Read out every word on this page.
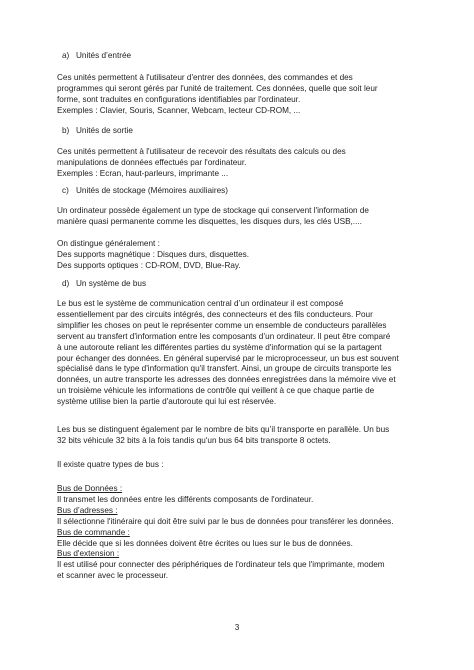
a) Unités d’entrée

Ces unités permettent à l'utilisateur d'entrer des données, des commandes et des

programmes qui seront gérés par l'unité de traitement. Ces données, quelle que soit leur

forme, sont traduites en configurations identifiables par l'ordinateur.

Exemples : Clavier, Souris, Scanner, Webcam, lecteur CD-ROM, ...

b) Unités de sortie

Ces unités permettent à l'utilisateur de recevoir des résultats des calculs ou des

manipulations de données effectués par l'ordinateur.

Exemples : Ecran, haut-parleurs, imprimante ...

c) Unités de stockage (Mémoires auxiliaires)

Un ordinateur possède également un type de stockage qui conservent l'information de

manière quasi permanente comme les disquettes, les disques durs, les clés USB,....

On distingue généralement :

Des supports magnétique : Disques durs, disquettes.

Des supports optiques : CD-ROM, DVD, Blue-Ray.

d) Un système de bus

Le bus est le système de communication central d’un ordinateur il est composé

essentiellement par des circuits intégrés, des connecteurs et des fils conducteurs. Pour

simplifier les choses on peut le représenter comme un ensemble de conducteurs parallèles

servent au transfert d'information entre les composants d’un ordinateur. Il peut être comparé

à une autoroute reliant les différentes parties du système d'information qui se la partagent

pour échanger des données. En général supervisé par le microprocesseur, un bus est souvent

spécialisé dans le type d'information qu'il transfert. Ainsi, un groupe de circuits transporte les

données, un autre transporte les adresses des données enregistrées dans la mémoire vive et

un troisième véhicule les informations de contrôle qui veillent à ce que chaque partie de

système utilise bien la partie d'autoroute qui lui est réservée.

Les bus se distinguent également par le nombre de bits qu’il transporte en parallèle. Un bus

32 bits véhicule 32 bits à la fois tandis qu'un bus 64 bits transporte 8 octets.

Il existe quatre types de bus :

Bus de Données :

Il transmet les données entre les différents composants de l'ordinateur.

Bus d’adresses :

Il sélectionne l'itinéraire qui doit être suivi par le bus de données pour transférer les données.

Bus de commande :

Elle décide que si les données doivent être écrites ou lues sur le bus de données.

Bus d'extension :

Il est utilisé pour connecter des périphériques de l'ordinateur tels que l'imprimante, modem

et scanner avec le processeur.

3
